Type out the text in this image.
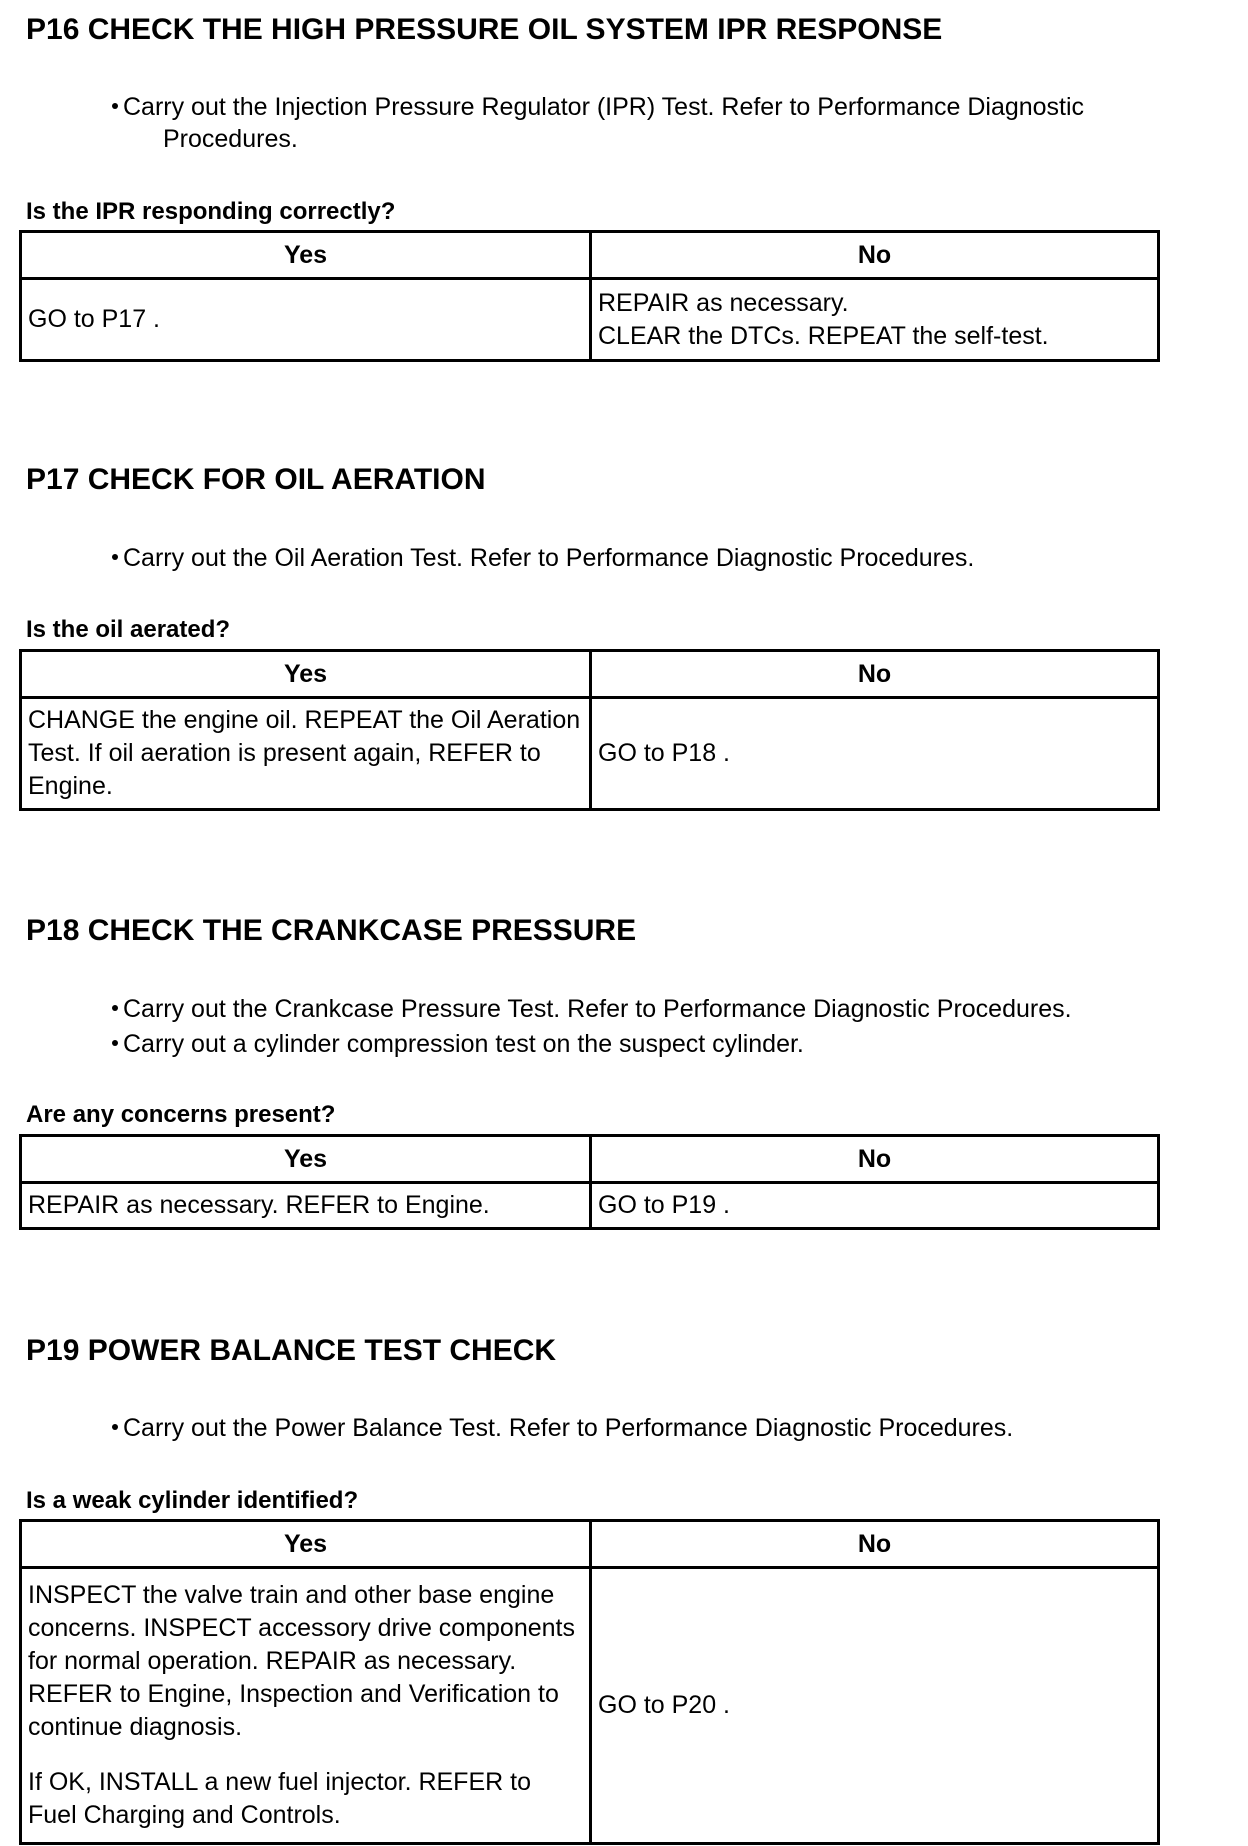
P16 CHECK THE HIGH PRESSURE OIL SYSTEM IPR RESPONSE
Carry out the Injection Pressure Regulator (IPR) Test. Refer to Performance Diagnostic
Procedures.
Is the IPR responding correctly?
Yes	No

GO to P17 .	REPAIR as necessary.
CLEAR the DTCs. REPEAT the self-test.
P17 CHECK FOR OIL AERATION
Carry out the Oil Aeration Test. Refer to Performance Diagnostic Procedures.
Is the oil aerated?
Yes	No

CHANGE the engine oil. REPEAT the Oil Aeration Test. If oil aeration is present again, REFER to Engine.	GO to P18 .
P18 CHECK THE CRANKCASE PRESSURE
Carry out the Crankcase Pressure Test. Refer to Performance Diagnostic Procedures.
Carry out a cylinder compression test on the suspect cylinder.
Are any concerns present?
Yes	No

REPAIR as necessary. REFER to Engine.	GO to P19 .
P19 POWER BALANCE TEST CHECK
Carry out the Power Balance Test. Refer to Performance Diagnostic Procedures.
Is a weak cylinder identified?
Yes	No

INSPECT the valve train and other base engine concerns. INSPECT accessory drive components for normal operation. REPAIR as necessary. REFER to Engine, Inspection and Verification to continue diagnosis.
If OK, INSTALL a new fuel injector. REFER to Fuel Charging and Controls.	GO to P20 .
